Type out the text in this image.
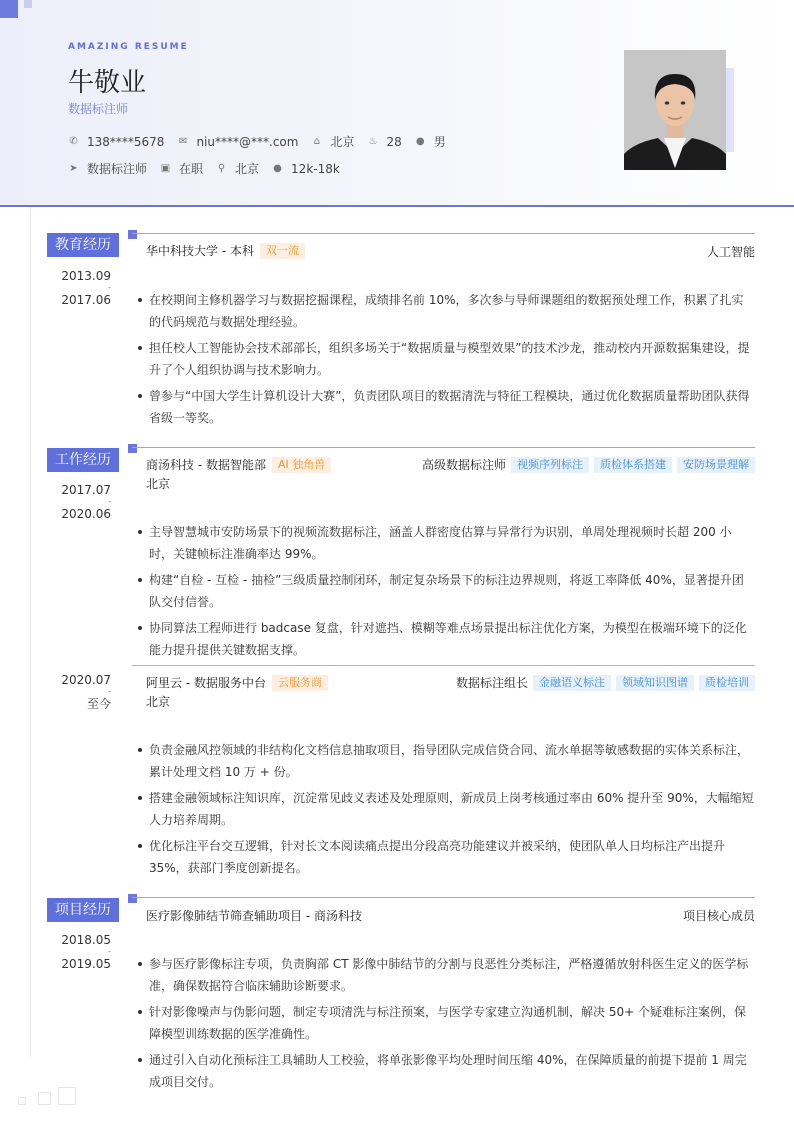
AMAZING RESUME
牛敬业
数据标注师
✆ 138****5678 ✉ niu****@***.com ⌂ 北京 ♨ 28 ● 男
➤ 数据标注师 ▣ 在职 ⚲ 北京 ● 12k-18k
教育经历
2013.09
-
2017.06
华中科技大学 - 本科	双一流	人工智能
在校期间主修机器学习与数据挖掘课程，成绩排名前 10%，多次参与导师课题组的数据预处理工作，积累了扎实的代码规范与数据处理经验。
担任校人工智能协会技术部部长，组织多场关于“数据质量与模型效果”的技术沙龙，推动校内开源数据集建设，提升了个人组织协调与技术影响力。
曾参与“中国大学生计算机设计大赛”，负责团队项目的数据清洗与特征工程模块，通过优化数据质量帮助团队获得省级一等奖。
工作经历
2017.07
-
2020.06
商汤科技 - 数据智能部	AI 独角兽	高级数据标注师	视频序列标注	质检体系搭建	安防场景理解
北京
主导智慧城市安防场景下的视频流数据标注，涵盖人群密度估算与异常行为识别，单周处理视频时长超 200 小时，关键帧标注准确率达 99%。
构建“自检 - 互检 - 抽检”三级质量控制闭环，制定复杂场景下的标注边界规则，将返工率降低 40%，显著提升团队交付信誉。
协同算法工程师进行 badcase 复盘，针对遮挡、模糊等难点场景提出标注优化方案，为模型在极端环境下的泛化能力提升提供关键数据支撑。
2020.07
-
至今
阿里云 - 数据服务中台	云服务商	数据标注组长	金融语义标注	领域知识图谱	质检培训
北京
负责金融风控领域的非结构化文档信息抽取项目，指导团队完成信贷合同、流水单据等敏感数据的实体关系标注，累计处理文档 10 万 + 份。
搭建金融领域标注知识库，沉淀常见歧义表述及处理原则，新成员上岗考核通过率由 60% 提升至 90%，大幅缩短人力培养周期。
优化标注平台交互逻辑，针对长文本阅读痛点提出分段高亮功能建议并被采纳，使团队单人日均标注产出提升 35%，获部门季度创新提名。
项目经历
2018.05
-
2019.05
医疗影像肺结节筛查辅助项目 - 商汤科技	项目核心成员
参与医疗影像标注专项，负责胸部 CT 影像中肺结节的分割与良恶性分类标注，严格遵循放射科医生定义的医学标准，确保数据符合临床辅助诊断要求。
针对影像噪声与伪影问题，制定专项清洗与标注预案，与医学专家建立沟通机制，解决 50+ 个疑难标注案例，保障模型训练数据的医学准确性。
通过引入自动化预标注工具辅助人工校验，将单张影像平均处理时间压缩 40%，在保障质量的前提下提前 1 周完成项目交付。
